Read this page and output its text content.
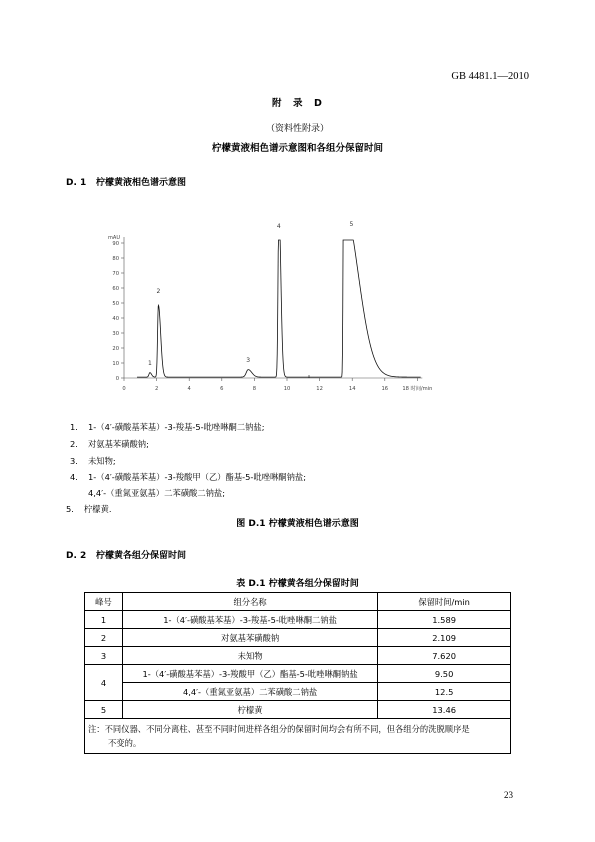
GB 4481.1—2010
附　录　D
（资料性附录）
柠檬黄液相色谱示意图和各组分保留时间
D. 1 柠檬黄液相色谱示意图
0	2	4	6	8	10	12	14	16	18 时间/min
0
10
20
30
40
50
60
70
80
90
mAU
1
2
3
4	5
1. 1-（4′-磺酸基苯基）-3-羧基-5-吡唑啉酮二钠盐;
2. 对氨基苯磺酸钠;
3. 未知物;
4. 1-（4′-磺酸基苯基）-3-羧酸甲（乙）酯基-5-吡唑啉酮钠盐;
4,4′-（重氮亚氨基）二苯磺酸二钠盐;
5. 柠檬黄.
图 D.1 柠檬黄液相色谱示意图
D. 2 柠檬黄各组分保留时间
表 D.1 柠檬黄各组分保留时间
峰号	组分名称	保留时间/min
1	1-（4′-磺酸基苯基）-3-羧基-5-吡唑啉酮二钠盐	1.589
2	对氨基苯磺酸钠	2.109
3	未知物	7.620
4	1-（4′-磺酸基苯基）-3-羧酸甲（乙）酯基-5-吡唑啉酮钠盐	9.50
	4,4′-（重氮亚氨基）二苯磺酸二钠盐	12.5
5	柠檬黄	13.46
注：不同仪器、不同分离柱、甚至不同时间进样各组分的保留时间均会有所不同，但各组分的洗脱顺序是
不变的。		
23
